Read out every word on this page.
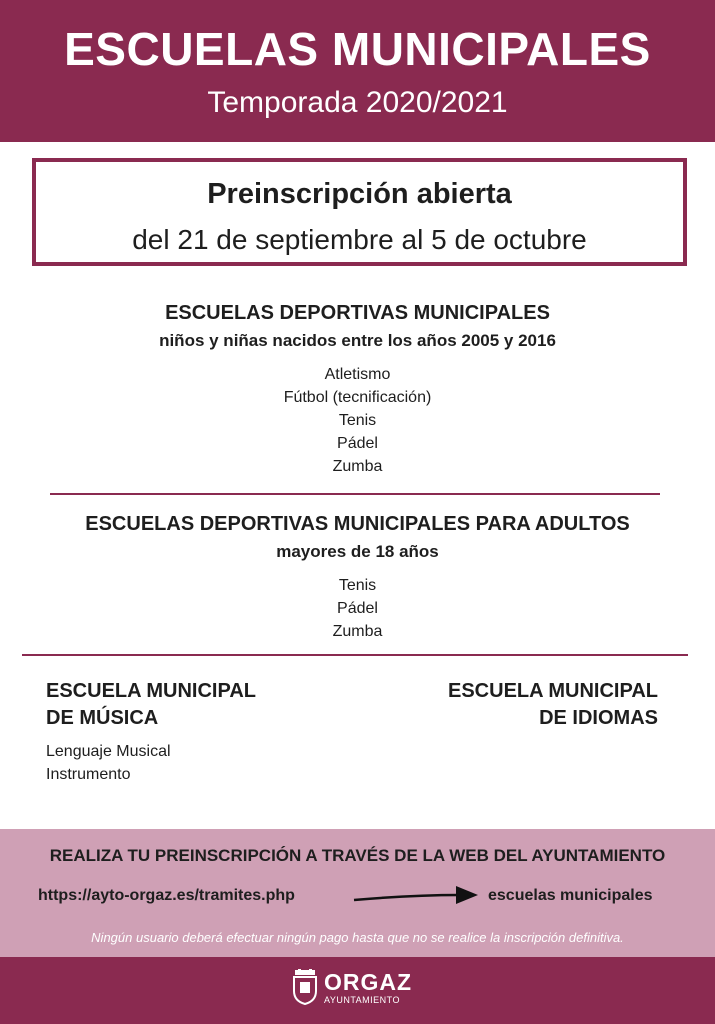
ESCUELAS MUNICIPALES
Temporada 2020/2021
Preinscripción abierta
del 21 de septiembre al 5 de octubre
ESCUELAS DEPORTIVAS MUNICIPALES
niños y niñas nacidos entre los años 2005 y 2016
Atletismo
Fútbol (tecnificación)
Tenis
Pádel
Zumba
ESCUELAS DEPORTIVAS MUNICIPALES PARA ADULTOS
mayores de 18 años
Tenis
Pádel
Zumba
ESCUELA MUNICIPAL
DE MÚSICA
Lenguaje Musical
Instrumento
ESCUELA MUNICIPAL
DE IDIOMAS
REALIZA TU PREINSCRIPCIÓN A TRAVÉS DE LA WEB DEL AYUNTAMIENTO
https://ayto-orgaz.es/tramites.php	escuelas municipales
Ningún usuario deberá efectuar ningún pago hasta que no se realice la inscripción definitiva.
ORGAZ
AYUNTAMIENTO
